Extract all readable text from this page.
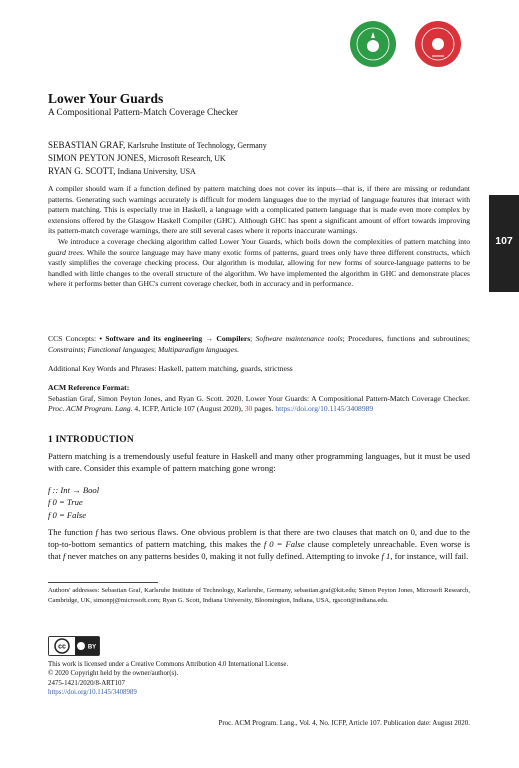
107
Lower Your Guards
A Compositional Pattern-Match Coverage Checker
SEBASTIAN GRAF, Karlsruhe Institute of Technology, Germany
SIMON PEYTON JONES, Microsoft Research, UK
RYAN G. SCOTT, Indiana University, USA

A compiler should warn if a function defined by pattern matching does not cover its inputs—that is, if there are missing or redundant patterns. Generating such warnings accurately is difficult for modern languages due to the myriad of language features that interact with pattern matching. This is especially true in Haskell, a language with a complicated pattern language that is made even more complex by extensions offered by the Glasgow Haskell Compiler (GHC). Although GHC has spent a significant amount of effort towards improving its pattern-match coverage warnings, there are still several cases where it reports inaccurate warnings.

We introduce a coverage checking algorithm called Lower Your Guards, which boils down the complexities of pattern matching into guard trees. While the source language may have many exotic forms of patterns, guard trees only have three different constructs, which vastly simplifies the coverage checking process. Our algorithm is modular, allowing for new forms of source-language patterns to be handled with little changes to the overall structure of the algorithm. We have implemented the algorithm in GHC and demonstrate places where it performs better than GHC's current coverage checker, both in accuracy and in performance.

CCS Concepts: • Software and its engineering → Compilers; Software maintenance tools; Procedures, functions and subroutines; Constraints; Functional languages; Multiparadigm languages.
Additional Key Words and Phrases: Haskell, pattern matching, guards, strictness
ACM Reference Format:
Sebastian Graf, Simon Peyton Jones, and Ryan G. Scott. 2020. Lower Your Guards: A Compositional Pattern-Match Coverage Checker. Proc. ACM Program. Lang. 4, ICFP, Article 107 (August 2020), 30 pages. https://doi.org/10.1145/3408989
1 INTRODUCTION
Pattern matching is a tremendously useful feature in Haskell and many other programming languages, but it must be used with care. Consider this example of pattern matching gone wrong:
f :: Int → Bool
f 0 = True
f 0 = False
The function f has two serious flaws. One obvious problem is that there are two clauses that match on 0, and due to the top-to-bottom semantics of pattern matching, this makes the f 0 = False clause completely unreachable. Even worse is that f never matches on any patterns besides 0, making it not fully defined. Attempting to invoke f 1, for instance, will fail.
Authors' addresses: Sebastian Graf, Karlsruhe Institute of Technology, Karlsruhe, Germany, sebastian.graf@kit.edu; Simon Peyton Jones, Microsoft Research, Cambridge, UK, simonpj@microsoft.com; Ryan G. Scott, Indiana University, Bloomington, Indiana, USA, rgscott@indiana.edu.
cc	BY
This work is licensed under a Creative Commons Attribution 4.0 International License.
© 2020 Copyright held by the owner/author(s).
2475-1421/2020/8-ART107
https://doi.org/10.1145/3408989
Proc. ACM Program. Lang., Vol. 4, No. ICFP, Article 107. Publication date: August 2020.
